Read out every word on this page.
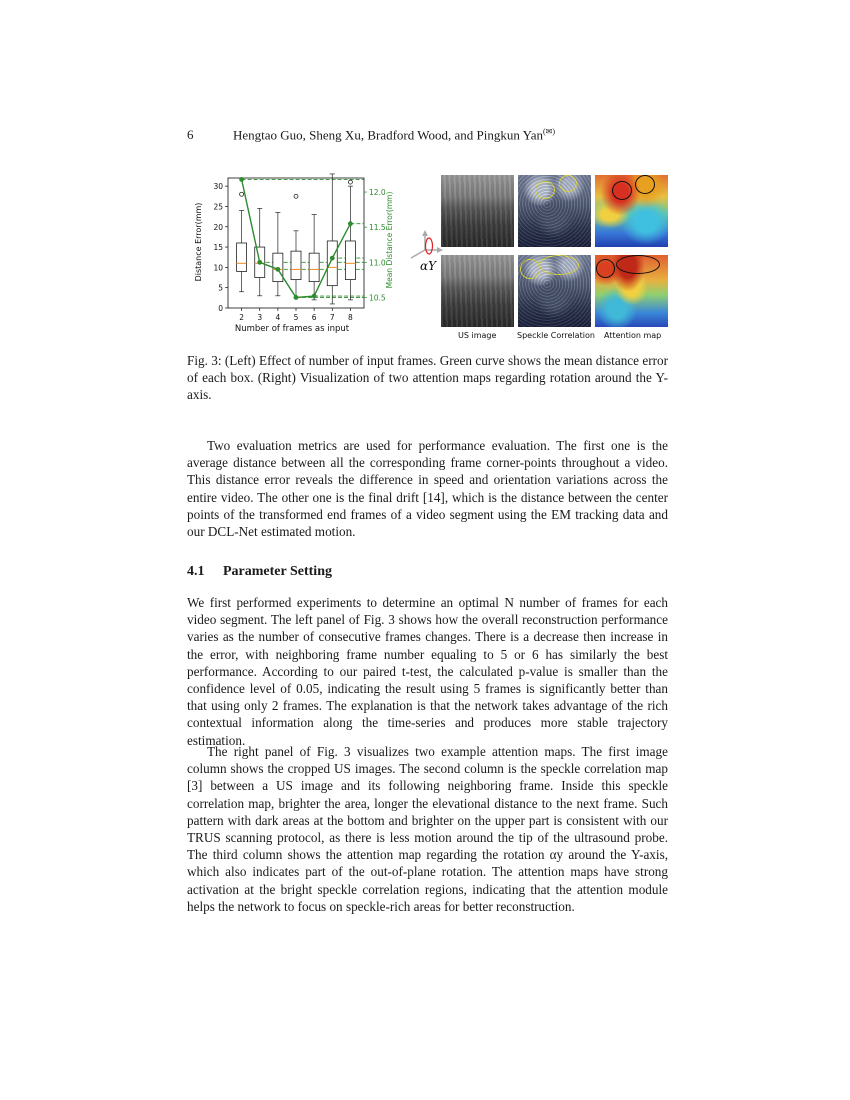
6	Hengtao Guo, Sheng Xu, Bradford Wood, and Pingkun Yan(✉)
0
5
10
15
20
25
30
10.5
11.0
11.5
12.0
2 3 4 5 6 7 8
Number of frames as input
Distance Error(mm)	Mean Distance Error(mm) αY
US image	Speckle Correlation Attention map
Fig. 3: (Left) Effect of number of input frames. Green curve shows the mean distance error of each box. (Right) Visualization of two attention maps regarding rotation around the Y-axis.

Two evaluation metrics are used for performance evaluation. The first one is the average distance between all the corresponding frame corner-points throughout a video. This distance error reveals the difference in speed and orientation variations across the entire video. The other one is the final drift [14], which is the distance between the center points of the transformed end frames of a video segment using the EM tracking data and our DCL-Net estimated motion.

4.1 Parameter Setting

We first performed experiments to determine an optimal N number of frames for each video segment. The left panel of Fig. 3 shows how the overall reconstruction performance varies as the number of consecutive frames changes. There is a decrease then increase in the error, with neighboring frame number equaling to 5 or 6 has similarly the best performance. According to our paired t-test, the calculated p-value is smaller than the confidence level of 0.05, indicating the result using 5 frames is significantly better than that using only 2 frames. The explanation is that the network takes advantage of the rich contextual information along the time-series and produces more stable trajectory estimation.

The right panel of Fig. 3 visualizes two example attention maps. The first image column shows the cropped US images. The second column is the speckle correlation map [3] between a US image and its following neighboring frame. Inside this speckle correlation map, brighter the area, longer the elevational distance to the next frame. Such pattern with dark areas at the bottom and brighter on the upper part is consistent with our TRUS scanning protocol, as there is less motion around the tip of the ultrasound probe. The third column shows the attention map regarding the rotation αy around the Y-axis, which also indicates part of the out-of-plane rotation. The attention maps have strong activation at the bright speckle correlation regions, indicating that the attention module helps the network to focus on speckle-rich areas for better reconstruction.
